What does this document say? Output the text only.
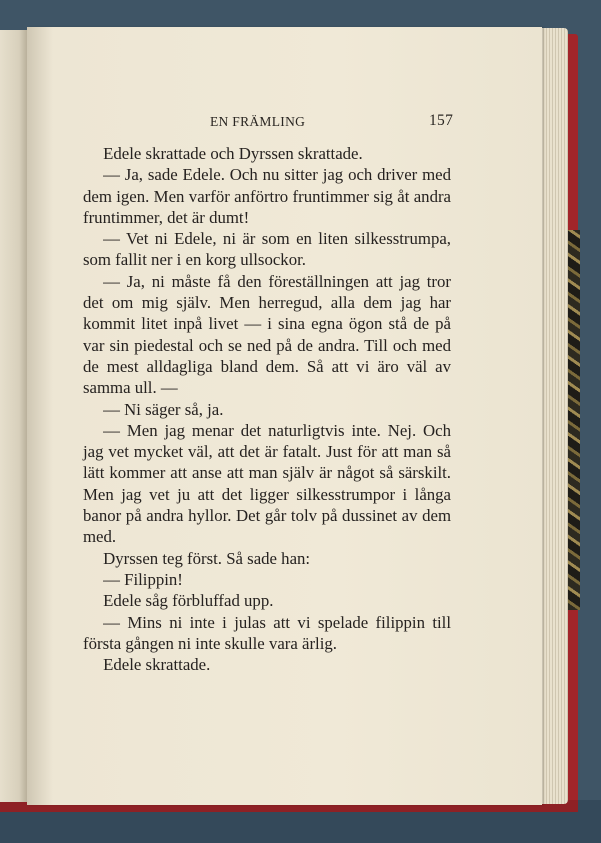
EN FRÄMLING	157

Edele skrattade och Dyrssen skrattade.

— Ja, sade Edele. Och nu sitter jag och driver med dem igen. Men varför anförtro fruntimmer sig åt andra fruntimmer, det är dumt!

— Vet ni Edele, ni är som en liten silkesstrumpa, som fallit ner i en korg ullsockor.

— Ja, ni måste få den föreställningen att jag tror det om mig själv. Men herregud, alla dem jag har kommit litet inpå livet — i sina egna ögon stå de på var sin piedestal och se ned på de andra. Till och med de mest alldagliga bland dem. Så att vi äro väl av samma ull. —

— Ni säger så, ja.

— Men jag menar det naturligtvis inte. Nej. Och jag vet mycket väl, att det är fatalt. Just för att man så lätt kommer att anse att man själv är något så särskilt. Men jag vet ju att det ligger silkesstrumpor i långa banor på andra hyllor. Det går tolv på dussinet av dem med.

Dyrssen teg först. Så sade han:

— Filippin!

Edele såg förbluffad upp.

— Mins ni inte i julas att vi spelade filippin till första gången ni inte skulle vara ärlig.

Edele skrattade.
